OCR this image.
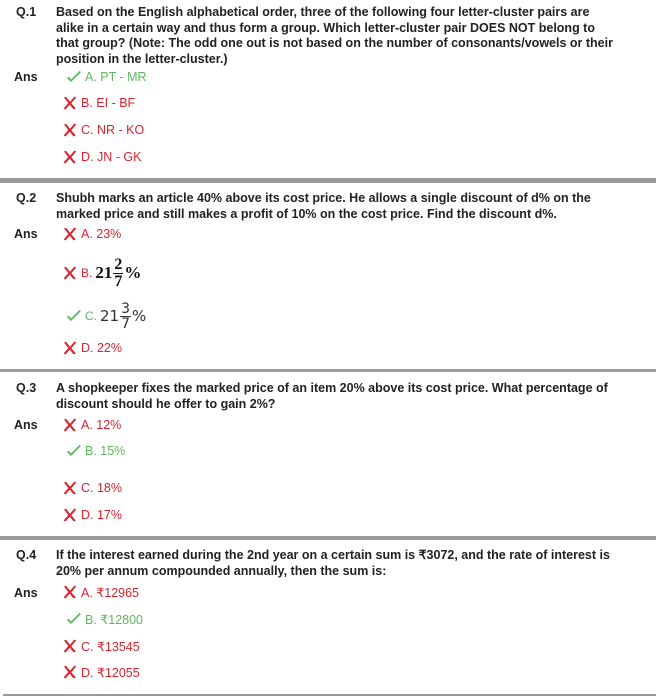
Q.1 Based on the English alphabetical order, three of the following four letter-cluster pairs are alike in a certain way and thus form a group. Which letter-cluster pair DOES NOT belong to that group? (Note: The odd one out is not based on the number of consonants/vowels or their position in the letter-cluster.)
Ans	A. PT - MR
B. EI - BF
C. NR - KO
D. JN - GK
Q.2 Shubh marks an article 40% above its cost price. He allows a single discount of d% on the marked price and still makes a profit of 10% on the cost price. Find the discount d%.
Ans	A. 23%
B. $21 \frac{2}{7}$ %
C. $21 \frac{3}{7}$ %
D. 22%
Q.3 A shopkeeper fixes the marked price of an item 20% above its cost price. What percentage of discount should he offer to gain 2%?
Ans	A. 12%
B. 15%
C. 18%
D. 17%
Q.4 If the interest earned during the 2nd year on a certain sum is ₹3072, and the rate of interest is 20% per annum compounded annually, then the sum is:
Ans	A. ₹12965
B. ₹12800
C. ₹13545
D. ₹12055
